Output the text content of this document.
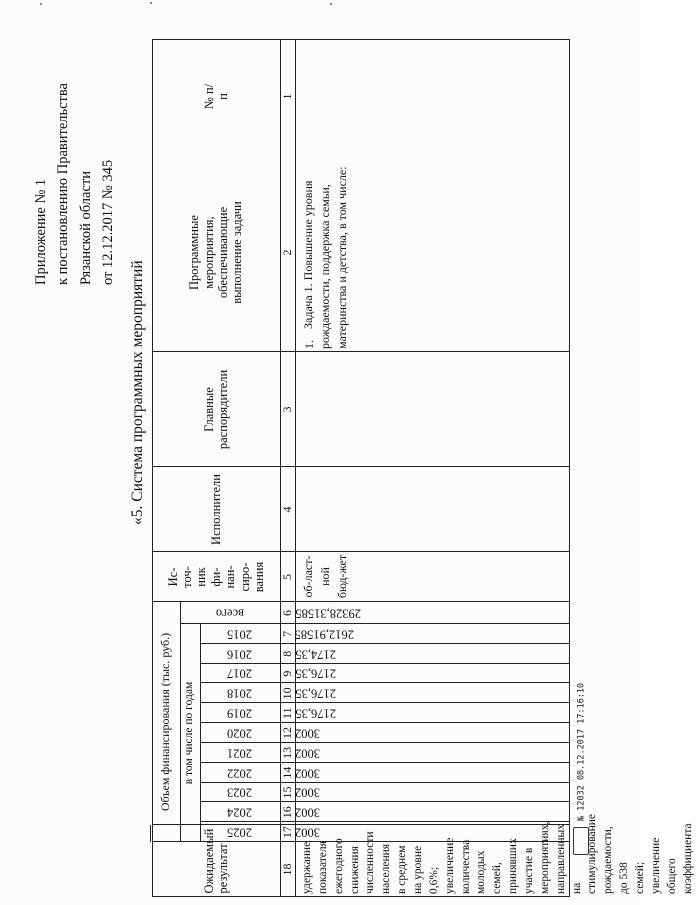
Приложение № 1 к постановлению Правительства Рязанской области от 12.12.2017 № 345
«5. Система программных мероприятий
№ п/п
Программные мероприятия, обеспечивающие выполнение задачи
Главные распорядители
Исполнители
Ис-точ-ник фи-нан-сиро-вания
Объем финансирования (тыс. руб.) в том числе по годам
Ожидаемый результат
1
2
3
4
5
6
7
8
9
10
11
12
13
14
15
16
17
18
всего
2015
2016
2017
2018
2019
2020
2021
2022
2023
2024
2025
29328,31585
2612,91585
2174,35
2176,35
2176,35
2176,35
3002
3002
3002
3002
3002
3002
1.
Задача 1. Повышение уровня рождаемости, поддержка семьи, материнства и детства, в том числе:
об-ласт-ной бюд-жет
удержание показателя ежегодного снижения численности населения в среднем на уровне 0,6%; увеличение количества молодых семей, принявших участие в мероприятиях, направленных на стимулирование рождаемости, до 538 семей; увеличение общего коэффициента
№ 12032 08.12.2017 17:16:10
